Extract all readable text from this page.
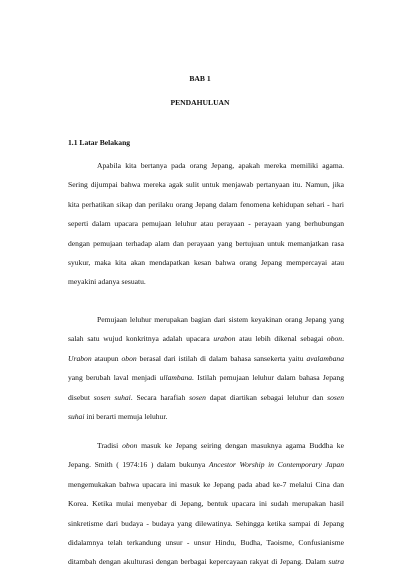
BAB 1
PENDAHULUAN
1.1 Latar Belakang
Apabila kita bertanya pada orang Jepang, apakah mereka memiliki agama.
Sering dijumpai bahwa mereka agak sulit untuk menjawab pertanyaan itu. Namun, jika
kita perhatikan sikap dan perilaku orang Jepang dalam fenomena kehidupan sehari - hari
seperti dalam upacara pemujaan leluhur atau perayaan - perayaan yang berhubungan
dengan pemujaan terhadap alam dan perayaan yang bertujuan untuk memanjatkan rasa
syukur, maka kita akan mendapatkan kesan bahwa orang Jepang mempercayai atau
meyakini adanya sesuatu.
Pemujaan leluhur merupakan bagian dari sistem keyakinan orang Jepang yang
salah satu wujud konkritnya adalah upacara urabon atau lebih dikenal sebagai obon.
Urabon ataupun obon berasal dari istilah di dalam bahasa sansekerta yaitu avalambana
yang berubah laval menjadi ullambana. Istilah pemujaan leluhur dalam bahasa Jepang
disebut sosen suhai. Secara harafiah sosen dapat diartikan sebagai leluhur dan sosen
suhai ini berarti memuja leluhur.
Tradisi obon masuk ke Jepang seiring dengan masuknya agama Buddha ke
Jepang. Smith ( 1974:16 ) dalam bukunya Ancestor Worship in Contemporary Japan
mengemukakan bahwa upacara ini masuk ke Jepang pada abad ke-7 melalui Cina dan
Korea. Ketika mulai menyebar di Jepang, bentuk upacara ini sudah merupakan hasil
sinkretisme dari budaya - budaya yang dilewatinya. Sehingga ketika sampai di Jepang
didalamnya telah terkandung unsur - unsur Hindu, Budha, Taoisme, Confusianisme
ditambah dengan akulturasi dengan berbagai kepercayaan rakyat di Jepang. Dalam sutra
